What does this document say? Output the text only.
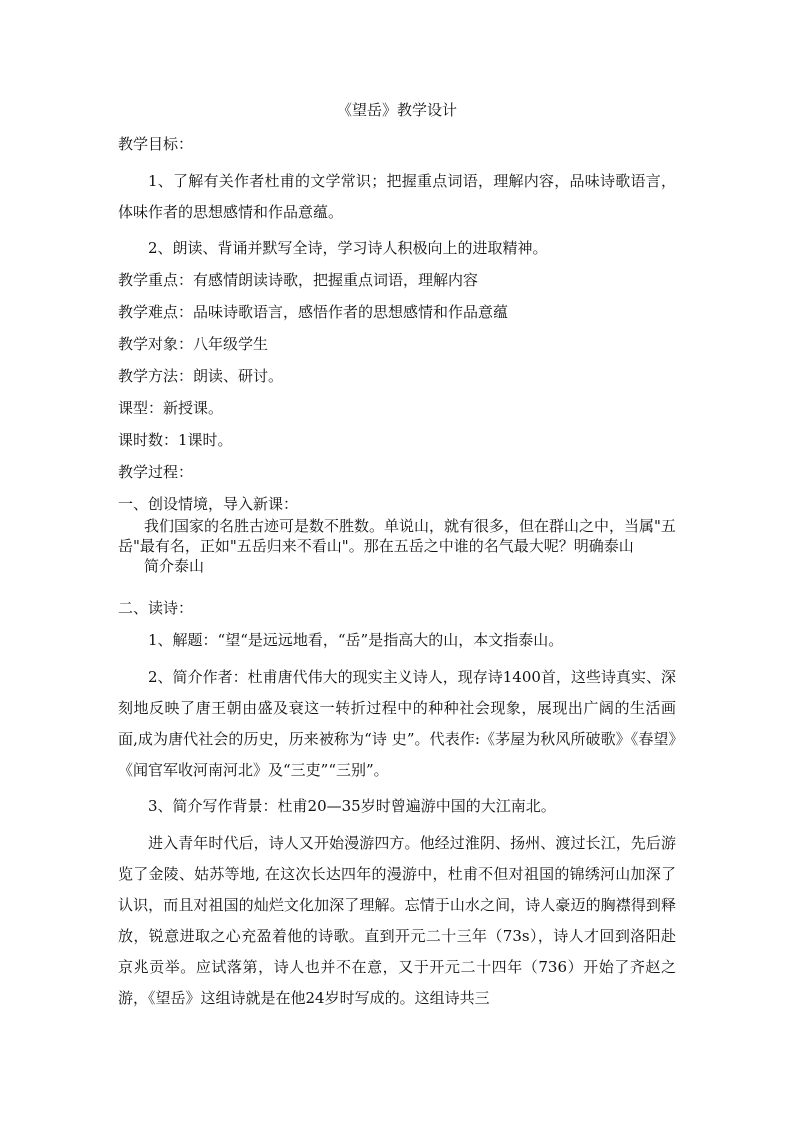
《望岳》教学设计
教学目标：
1、了解有关作者杜甫的文学常识；把握重点词语，理解内容，品味诗歌语言，体味作者的思想感情和作品意蕴。
2、朗读、背诵并默写全诗，学习诗人积极向上的进取精神。
教学重点：有感情朗读诗歌，把握重点词语，理解内容
教学难点：品味诗歌语言，感悟作者的思想感情和作品意蕴
教学对象：八年级学生
教学方法：朗读、研讨。
课型：新授课。
课时数：1课时。
教学过程：
一、创设情境，导入新课：
我们国家的名胜古迹可是数不胜数。单说山，就有很多，但在群山之中，当属"五岳"最有名，正如"五岳归来不看山"。那在五岳之中谁的名气最大呢？明确泰山
简介泰山
二、读诗：
1、解题：“望“是远远地看，“岳”是指高大的山，本文指泰山。
2、简介作者：杜甫唐代伟大的现实主义诗人，现存诗1400首，这些诗真实、深刻地反映了唐王朝由盛及衰这一转折过程中的种种社会现象，展现出广阔的生活画面,成为唐代社会的历史，历来被称为“诗 史”。代表作:《茅屋为秋风所破歌》《春望》《闻官军收河南河北》及“三吏”“三别”。
3、简介写作背景：杜甫20—35岁时曾遍游中国的大江南北。
进入青年时代后，诗人又开始漫游四方。他经过淮阴、扬州、渡过长江，先后游览了金陵、姑苏等地, 在这次长达四年的漫游中，杜甫不但对祖国的锦绣河山加深了认识，而且对祖国的灿烂文化加深了理解。忘情于山水之间，诗人豪迈的胸襟得到释放，锐意进取之心充盈着他的诗歌。直到开元二十三年（73s），诗人才回到洛阳赴京兆贡举。应试落第，诗人也并不在意，又于开元二十四年（736）开始了齐赵之游，《望岳》这组诗就是在他24岁时写成的。这组诗共三
